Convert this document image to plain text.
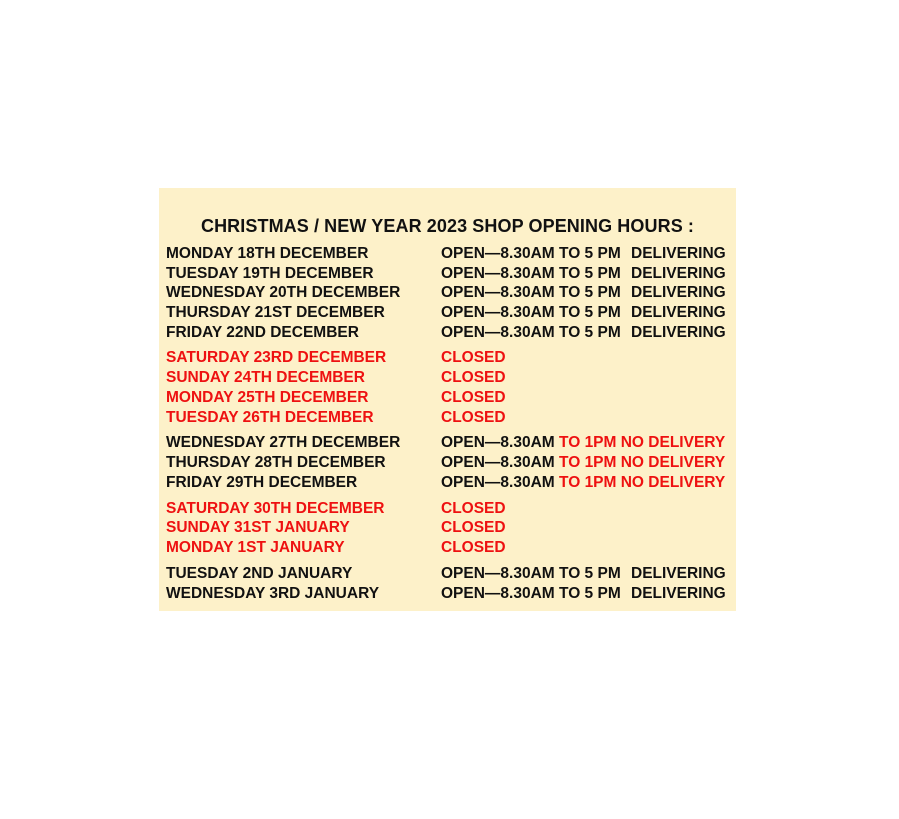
CHRISTMAS / NEW YEAR 2023 SHOP OPENING HOURS :
MONDAY 18TH DECEMBER	OPEN—8.30AM TO 5 PM DELIVERING
TUESDAY 19TH DECEMBER	OPEN—8.30AM TO 5 PM DELIVERING
WEDNESDAY 20TH DECEMBER	OPEN—8.30AM TO 5 PM DELIVERING
THURSDAY 21ST DECEMBER	OPEN—8.30AM TO 5 PM DELIVERING
FRIDAY 22ND DECEMBER	OPEN—8.30AM TO 5 PM DELIVERING
SATURDAY 23RD DECEMBER	CLOSED
SUNDAY 24TH DECEMBER	CLOSED
MONDAY 25TH DECEMBER	CLOSED
TUESDAY 26TH DECEMBER	CLOSED
WEDNESDAY 27TH DECEMBER	OPEN—8.30AM TO 1PM NO DELIVERY
THURSDAY 28TH DECEMBER	OPEN—8.30AM TO 1PM NO DELIVERY
FRIDAY 29TH DECEMBER	OPEN—8.30AM TO 1PM NO DELIVERY
SATURDAY 30TH DECEMBER	CLOSED
SUNDAY 31ST JANUARY	CLOSED
MONDAY 1ST JANUARY	CLOSED
TUESDAY 2ND JANUARY	OPEN—8.30AM TO 5 PM DELIVERING
WEDNESDAY 3RD JANUARY	OPEN—8.30AM TO 5 PM DELIVERING
